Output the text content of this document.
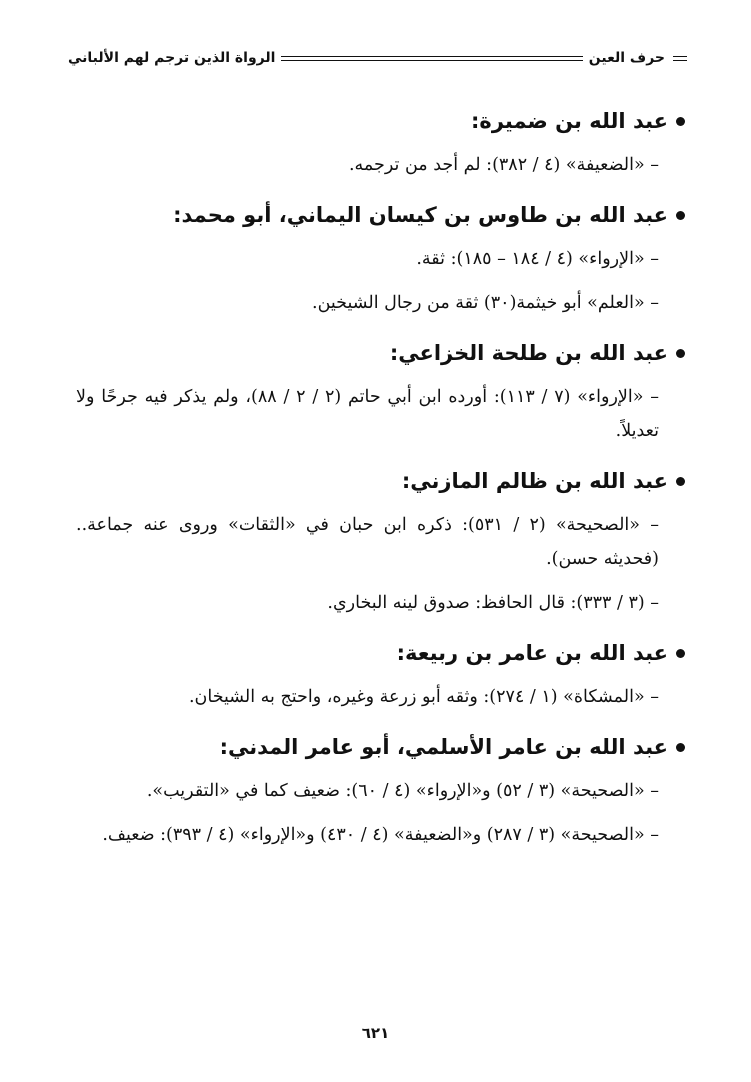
حرف العين
الرواة الذين ترجم لهم الألباني
عبد الله بن ضميرة:

– «الضعيفة» (٤ / ٣٨٢): لم أجد من ترجمه.

عبد الله بن طاوس بن كيسان اليماني، أبو محمد:

– «الإرواء» (٤ / ١٨٤ – ١٨٥): ثقة.

– «العلم» أبو خيثمة(٣٠) ثقة من رجال الشيخين.

عبد الله بن طلحة الخزاعي:

– «الإرواء» (٧ / ١١٣): أورده ابن أبي حاتم (٢ / ٢ / ٨٨)، ولم يذكر فيه جرحًا ولا تعديلاً.

عبد الله بن ظالم المازني:

– «الصحيحة» (٢ / ٥٣١): ذكره ابن حبان في «الثقات» وروى عنه جماعة.. (فحديثه حسن).

– (٣ / ٣٣٣): قال الحافظ: صدوق لينه البخاري.

عبد الله بن عامر بن ربيعة:

– «المشكاة» (١ / ٢٧٤): وثقه أبو زرعة وغيره، واحتج به الشيخان.

عبد الله بن عامر الأسلمي، أبو عامر المدني:

– «الصحيحة» (٣ / ٥٢) و«الإرواء» (٤ / ٦٠): ضعيف كما في «التقريب».

– «الصحيحة» (٣ / ٢٨٧) و«الضعيفة» (٤ / ٤٣٠) و«الإرواء» (٤ / ٣٩٣): ضعيف.

٦٢١
